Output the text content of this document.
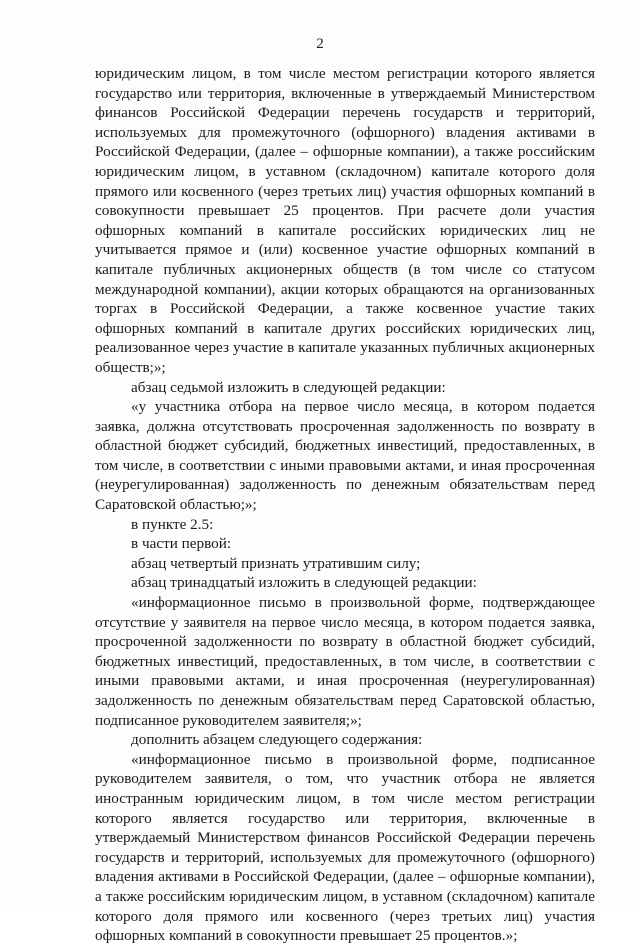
2

юридическим лицом, в том числе местом регистрации которого является государство или территория, включенные в утверждаемый Министерством финансов Российской Федерации перечень государств и территорий, используемых для промежуточного (офшорного) владения активами в Российской Федерации, (далее – офшорные компании), а также российским юридическим лицом, в уставном (складочном) капитале которого доля прямого или косвенного (через третьих лиц) участия офшорных компаний в совокупности превышает 25 процентов. При расчете доли участия офшорных компаний в капитале российских юридических лиц не учитывается прямое и (или) косвенное участие офшорных компаний в капитале публичных акционерных обществ (в том числе со статусом международной компании), акции которых обращаются на организованных торгах в Российской Федерации, а также косвенное участие таких офшорных компаний в капитале других российских юридических лиц, реализованное через участие в капитале указанных публичных акционерных обществ;»;

абзац седьмой изложить в следующей редакции:

«у участника отбора на первое число месяца, в котором подается заявка, должна отсутствовать просроченная задолженность по возврату в областной бюджет субсидий, бюджетных инвестиций, предоставленных, в том числе, в соответствии с иными правовыми актами, и иная просроченная (неурегулированная) задолженность по денежным обязательствам перед Саратовской областью;»;

в пункте 2.5:

в части первой:

абзац четвертый признать утратившим силу;

абзац тринадцатый изложить в следующей редакции:

«информационное письмо в произвольной форме, подтверждающее отсутствие у заявителя на первое число месяца, в котором подается заявка, просроченной задолженности по возврату в областной бюджет субсидий, бюджетных инвестиций, предоставленных, в том числе, в соответствии с иными правовыми актами, и иная просроченная (неурегулированная) задолженность по денежным обязательствам перед Саратовской областью, подписанное руководителем заявителя;»;

дополнить абзацем следующего содержания:

«информационное письмо в произвольной форме, подписанное руководителем заявителя, о том, что участник отбора не является иностранным юридическим лицом, в том числе местом регистрации которого является государство или территория, включенные в утверждаемый Министерством финансов Российской Федерации перечень государств и территорий, используемых для промежуточного (офшорного) владения активами в Российской Федерации, (далее – офшорные компании), а также российским юридическим лицом, в уставном (складочном) капитале которого доля прямого или косвенного (через третьих лиц) участия офшорных компаний в совокупности превышает 25 процентов.»;
